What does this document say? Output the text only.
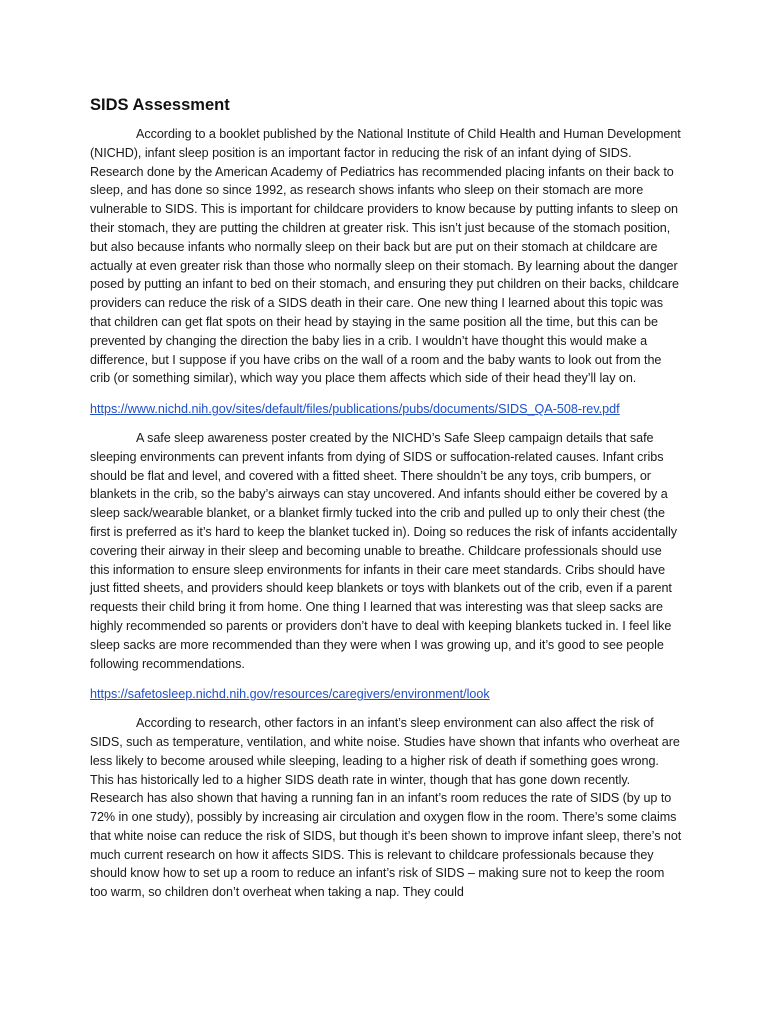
SIDS Assessment

According to a booklet published by the National Institute of Child Health and Human Development (NICHD), infant sleep position is an important factor in reducing the risk of an infant dying of SIDS. Research done by the American Academy of Pediatrics has recommended placing infants on their back to sleep, and has done so since 1992, as research shows infants who sleep on their stomach are more vulnerable to SIDS. This is important for childcare providers to know because by putting infants to sleep on their stomach, they are putting the children at greater risk. This isn’t just because of the stomach position, but also because infants who normally sleep on their back but are put on their stomach at childcare are actually at even greater risk than those who normally sleep on their stomach. By learning about the danger posed by putting an infant to bed on their stomach, and ensuring they put children on their backs, childcare providers can reduce the risk of a SIDS death in their care. One new thing I learned about this topic was that children can get flat spots on their head by staying in the same position all the time, but this can be prevented by changing the direction the baby lies in a crib. I wouldn’t have thought this would make a difference, but I suppose if you have cribs on the wall of a room and the baby wants to look out from the crib (or something similar), which way you place them affects which side of their head they’ll lay on.

https://www.nichd.nih.gov/sites/default/files/publications/pubs/documents/SIDS_QA-508-rev.pdf

A safe sleep awareness poster created by the NICHD’s Safe Sleep campaign details that safe sleeping environments can prevent infants from dying of SIDS or suffocation-related causes. Infant cribs should be flat and level, and covered with a fitted sheet. There shouldn’t be any toys, crib bumpers, or blankets in the crib, so the baby’s airways can stay uncovered. And infants should either be covered by a sleep sack/wearable blanket, or a blanket firmly tucked into the crib and pulled up to only their chest (the first is preferred as it’s hard to keep the blanket tucked in). Doing so reduces the risk of infants accidentally covering their airway in their sleep and becoming unable to breathe. Childcare professionals should use this information to ensure sleep environments for infants in their care meet standards. Cribs should have just fitted sheets, and providers should keep blankets or toys with blankets out of the crib, even if a parent requests their child bring it from home. One thing I learned that was interesting was that sleep sacks are highly recommended so parents or providers don’t have to deal with keeping blankets tucked in. I feel like sleep sacks are more recommended than they were when I was growing up, and it’s good to see people following recommendations.

https://safetosleep.nichd.nih.gov/resources/caregivers/environment/look

According to research, other factors in an infant’s sleep environment can also affect the risk of SIDS, such as temperature, ventilation, and white noise. Studies have shown that infants who overheat are less likely to become aroused while sleeping, leading to a higher risk of death if something goes wrong. This has historically led to a higher SIDS death rate in winter, though that has gone down recently. Research has also shown that having a running fan in an infant’s room reduces the rate of SIDS (by up to 72% in one study), possibly by increasing air circulation and oxygen flow in the room. There’s some claims that white noise can reduce the risk of SIDS, but though it’s been shown to improve infant sleep, there’s not much current research on how it affects SIDS. This is relevant to childcare professionals because they should know how to set up a room to reduce an infant’s risk of SIDS – making sure not to keep the room too warm, so children don’t overheat when taking a nap. They could
